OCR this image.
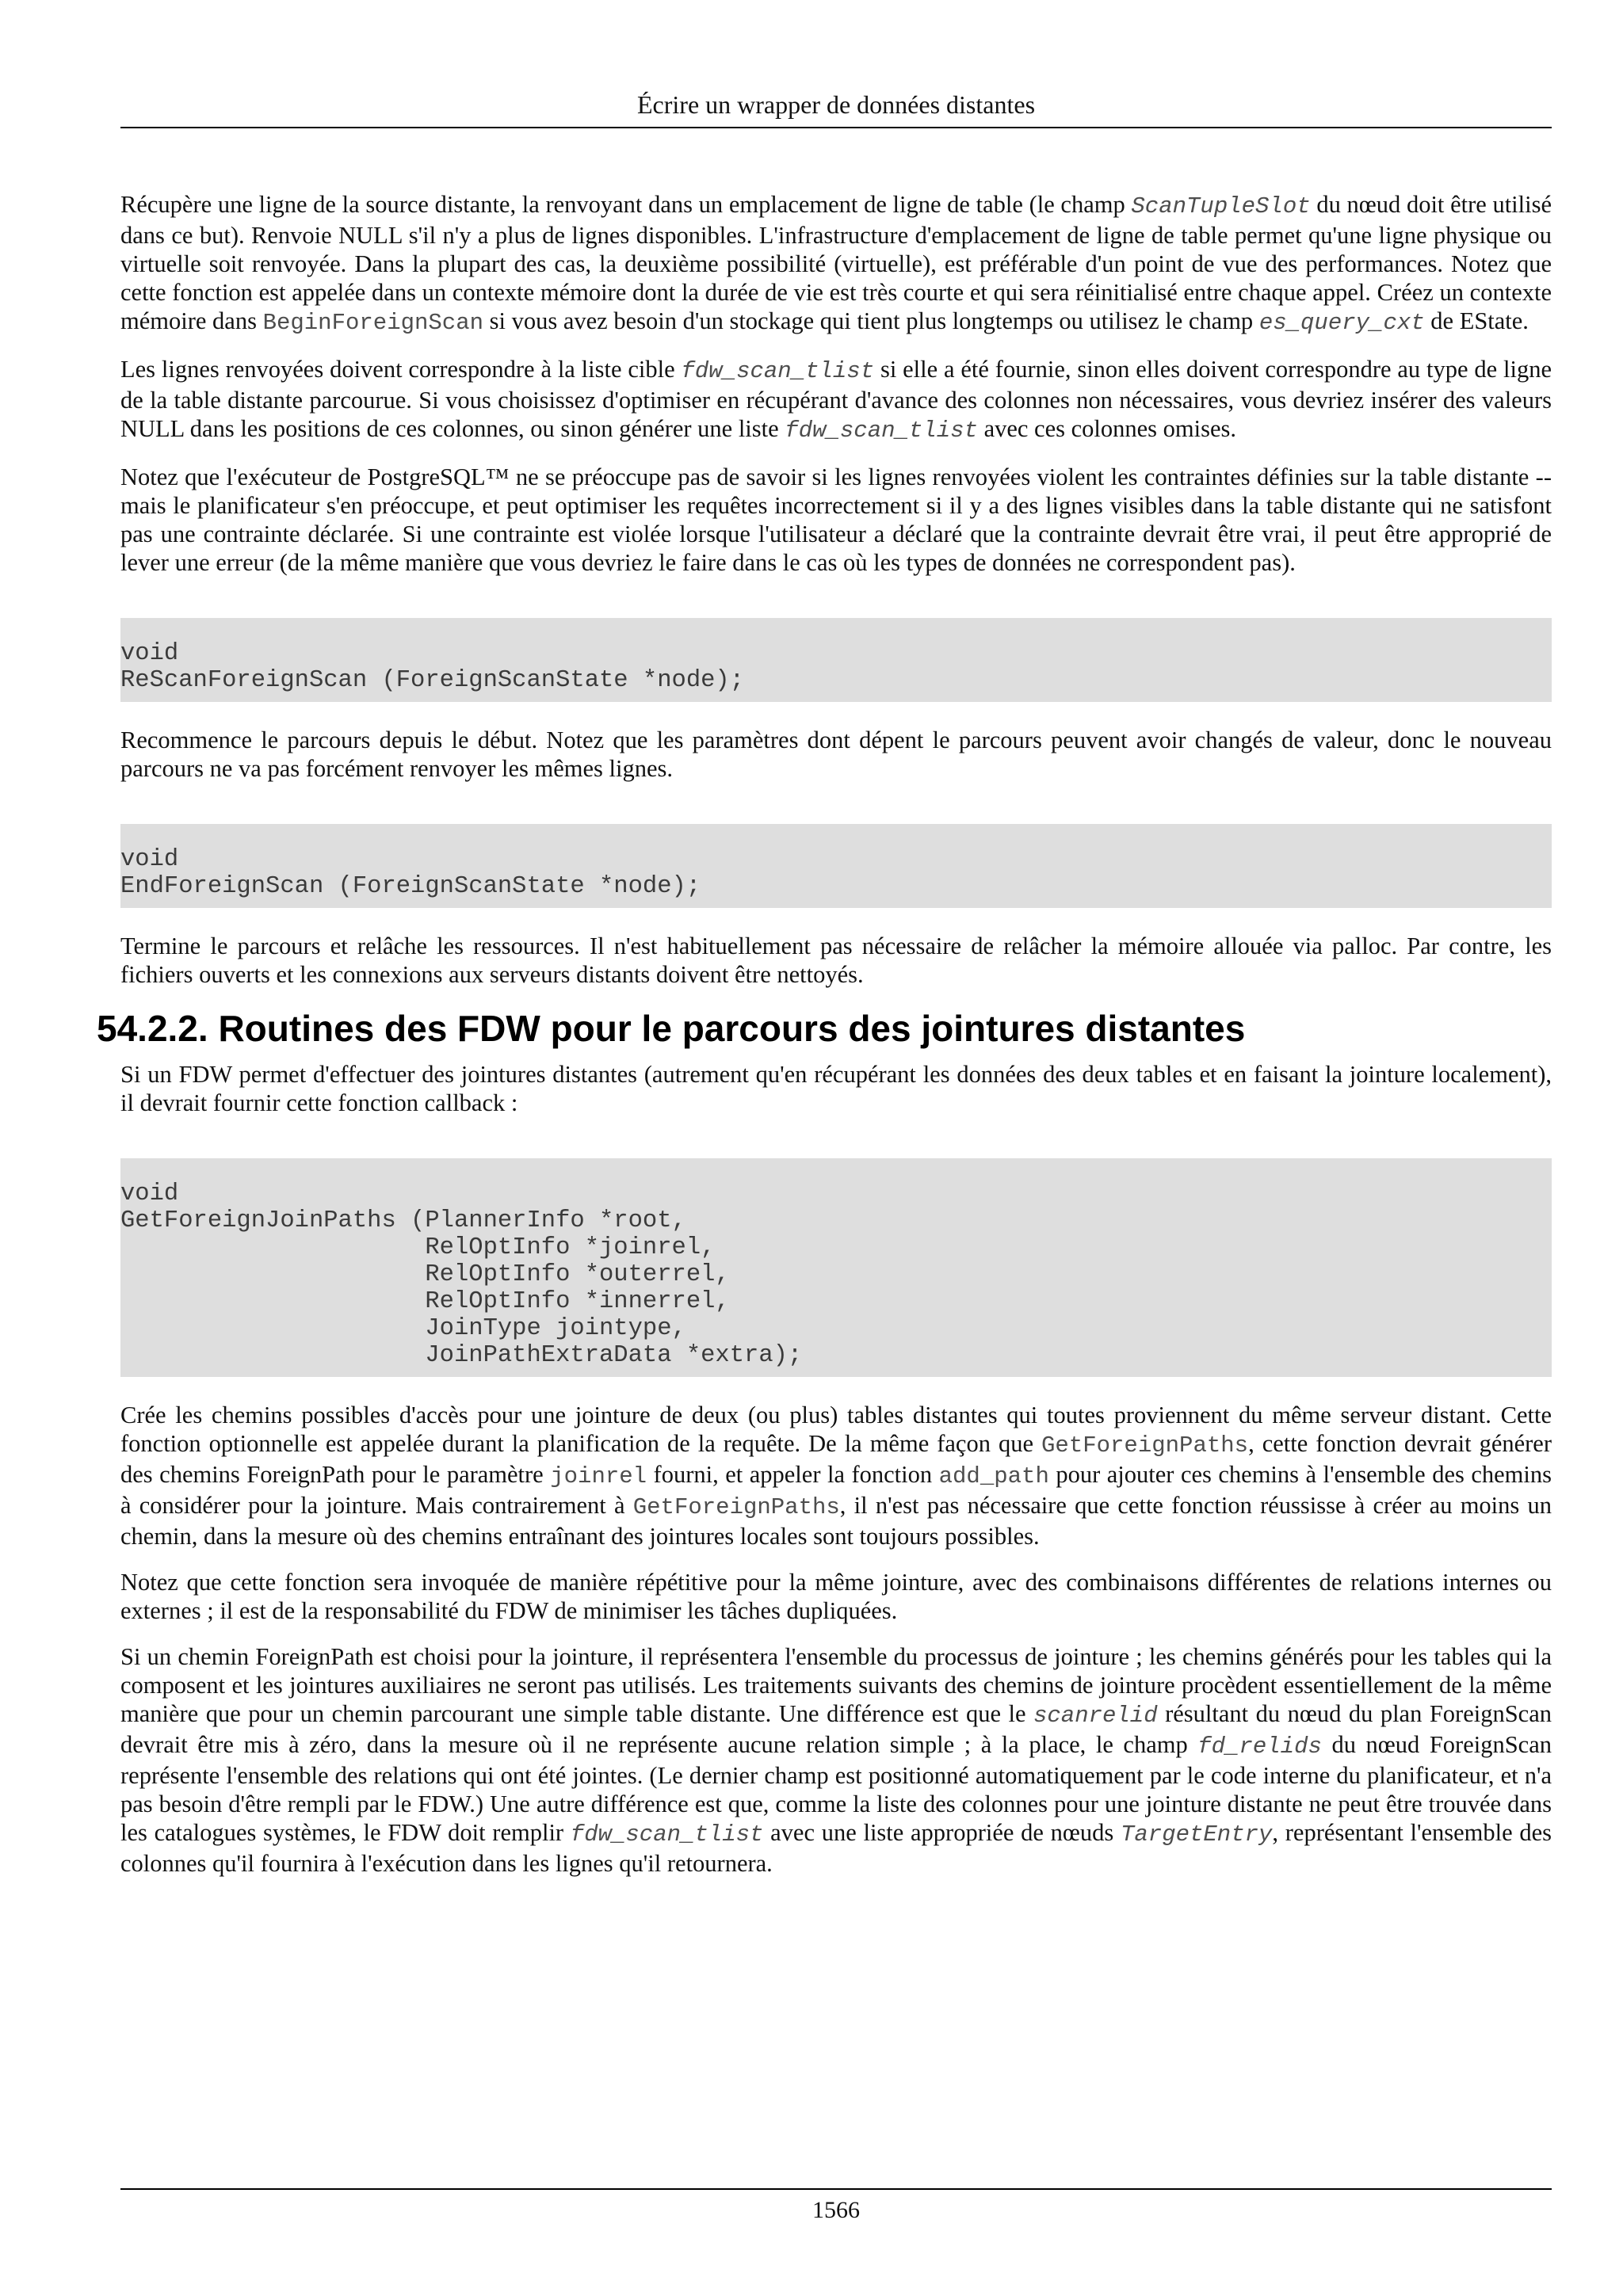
Écrire un wrapper de données distantes

Récupère une ligne de la source distante, la renvoyant dans un emplacement de ligne de table (le champ ScanTupleSlot du nœud doit être utilisé dans ce but). Renvoie NULL s'il n'y a plus de lignes disponibles. L'infrastructure d'emplacement de ligne de table permet qu'une ligne physique ou virtuelle soit renvoyée. Dans la plupart des cas, la deuxième possibilité (virtuelle), est préférable d'un point de vue des performances. Notez que cette fonction est appelée dans un contexte mémoire dont la durée de vie est très courte et qui sera réinitialisé entre chaque appel. Créez un contexte mémoire dans BeginForeignScan si vous avez besoin d'un stockage qui tient plus longtemps ou utilisez le champ es_query_cxt de EState.

Les lignes renvoyées doivent correspondre à la liste cible fdw_scan_tlist si elle a été fournie, sinon elles doivent correspondre au type de ligne de la table distante parcourue. Si vous choisissez d'optimiser en récupérant d'avance des colonnes non nécessaires, vous devriez insérer des valeurs NULL dans les positions de ces colonnes, ou sinon générer une liste fdw_scan_tlist avec ces colonnes omises.

Notez que l'exécuteur de PostgreSQL™ ne se préoccupe pas de savoir si les lignes renvoyées violent les contraintes définies sur la table distante -- mais le planificateur s'en préoccupe, et peut optimiser les requêtes incorrectement si il y a des lignes visibles dans la table distante qui ne satisfont pas une contrainte déclarée. Si une contrainte est violée lorsque l'utilisateur a déclaré que la contrainte devrait être vrai, il peut être approprié de lever une erreur (de la même manière que vous devriez le faire dans le cas où les types de données ne correspondent pas).

void
ReScanForeignScan (ForeignScanState *node);

Recommence le parcours depuis le début. Notez que les paramètres dont dépent le parcours peuvent avoir changés de valeur, donc le nouveau parcours ne va pas forcément renvoyer les mêmes lignes.

void
EndForeignScan (ForeignScanState *node);

Termine le parcours et relâche les ressources. Il n'est habituellement pas nécessaire de relâcher la mémoire allouée via palloc. Par contre, les fichiers ouverts et les connexions aux serveurs distants doivent être nettoyés.

54.2.2. Routines des FDW pour le parcours des jointures distantes

Si un FDW permet d'effectuer des jointures distantes (autrement qu'en récupérant les données des deux tables et en faisant la jointure localement), il devrait fournir cette fonction callback :

void
GetForeignJoinPaths (PlannerInfo *root,
RelOptInfo *joinrel,
RelOptInfo *outerrel,
RelOptInfo *innerrel,
JoinType jointype,
JoinPathExtraData *extra);

Crée les chemins possibles d'accès pour une jointure de deux (ou plus) tables distantes qui toutes proviennent du même serveur distant. Cette fonction optionnelle est appelée durant la planification de la requête. De la même façon que GetForeignPaths, cette fonction devrait générer des chemins ForeignPath pour le paramètre joinrel fourni, et appeler la fonction add_path pour ajouter ces chemins à l'ensemble des chemins à considérer pour la jointure. Mais contrairement à GetForeignPaths, il n'est pas nécessaire que cette fonction réussisse à créer au moins un chemin, dans la mesure où des chemins entraînant des jointures locales sont toujours possibles.

Notez que cette fonction sera invoquée de manière répétitive pour la même jointure, avec des combinaisons différentes de relations internes ou externes ; il est de la responsabilité du FDW de minimiser les tâches dupliquées.

Si un chemin ForeignPath est choisi pour la jointure, il représentera l'ensemble du processus de jointure ; les chemins générés pour les tables qui la composent et les jointures auxiliaires ne seront pas utilisés. Les traitements suivants des chemins de jointure procèdent essentiellement de la même manière que pour un chemin parcourant une simple table distante. Une différence est que le scanrelid résultant du nœud du plan ForeignScan devrait être mis à zéro, dans la mesure où il ne représente aucune relation simple ; à la place, le champ fd_relids du nœud ForeignScan représente l'ensemble des relations qui ont été jointes. (Le dernier champ est positionné automatiquement par le code interne du planificateur, et n'a pas besoin d'être rempli par le FDW.) Une autre différence est que, comme la liste des colonnes pour une jointure distante ne peut être trouvée dans les catalogues systèmes, le FDW doit remplir fdw_scan_tlist avec une liste appropriée de nœuds TargetEntry, représentant l'ensemble des colonnes qu'il fournira à l'exécution dans les lignes qu'il retournera.

1566
